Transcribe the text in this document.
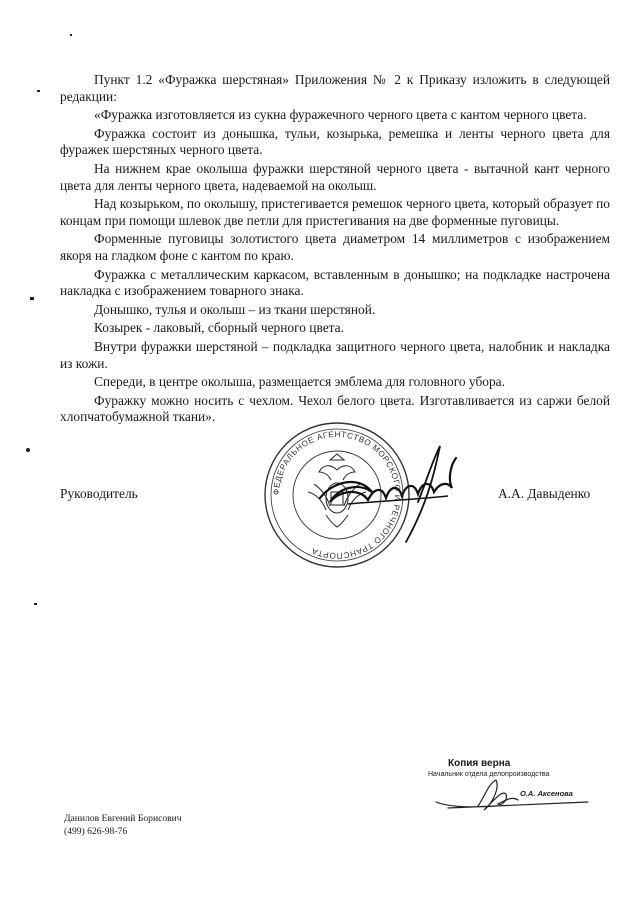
Пункт 1.2 «Фуражка шерстяная» Приложения № 2 к Приказу изложить в следующей редакции:

«Фуражка изготовляется из сукна фуражечного черного цвета с кантом черного цвета.

Фуражка состоит из донышка, тульи, козырька, ремешка и ленты черного цвета для фуражек шерстяных черного цвета.

На нижнем крае околыша фуражки шерстяной черного цвета - вытачной кант черного цвета для ленты черного цвета, надеваемой на околыш.

Над козырьком, по околышу, пристегивается ремешок черного цвета, который образует по концам при помощи шлевок две петли для пристегивания на две форменные пуговицы.

Форменные пуговицы золотистого цвета диаметром 14 миллиметров с изображением якоря на гладком фоне с кантом по краю.

Фуражка с металлическим каркасом, вставленным в донышко; на подкладке настрочена накладка с изображением товарного знака.

Донышко, тулья и околыш – из ткани шерстяной.

Козырек - лаковый, сборный черного цвета.

Внутри фуражки шерстяной – подкладка защитного черного цвета, налобник и накладка из кожи.

Спереди, в центре околыша, размещается эмблема для головного убора.

Фуражку можно носить с чехлом. Чехол белого цвета. Изготавливается из саржи белой хлопчатобумажной ткани».

ФЕДЕРАЛЬНОЕ АГЕНТСТВО МОРСКОГО И РЕЧНОГО ТРАНСПОРТА
Руководитель	А.А. Давыденко
Копия верна
Начальник отдела делопроизводства
О.А. Аксенова
Данилов Евгений Борисович
(499) 626-98-76
